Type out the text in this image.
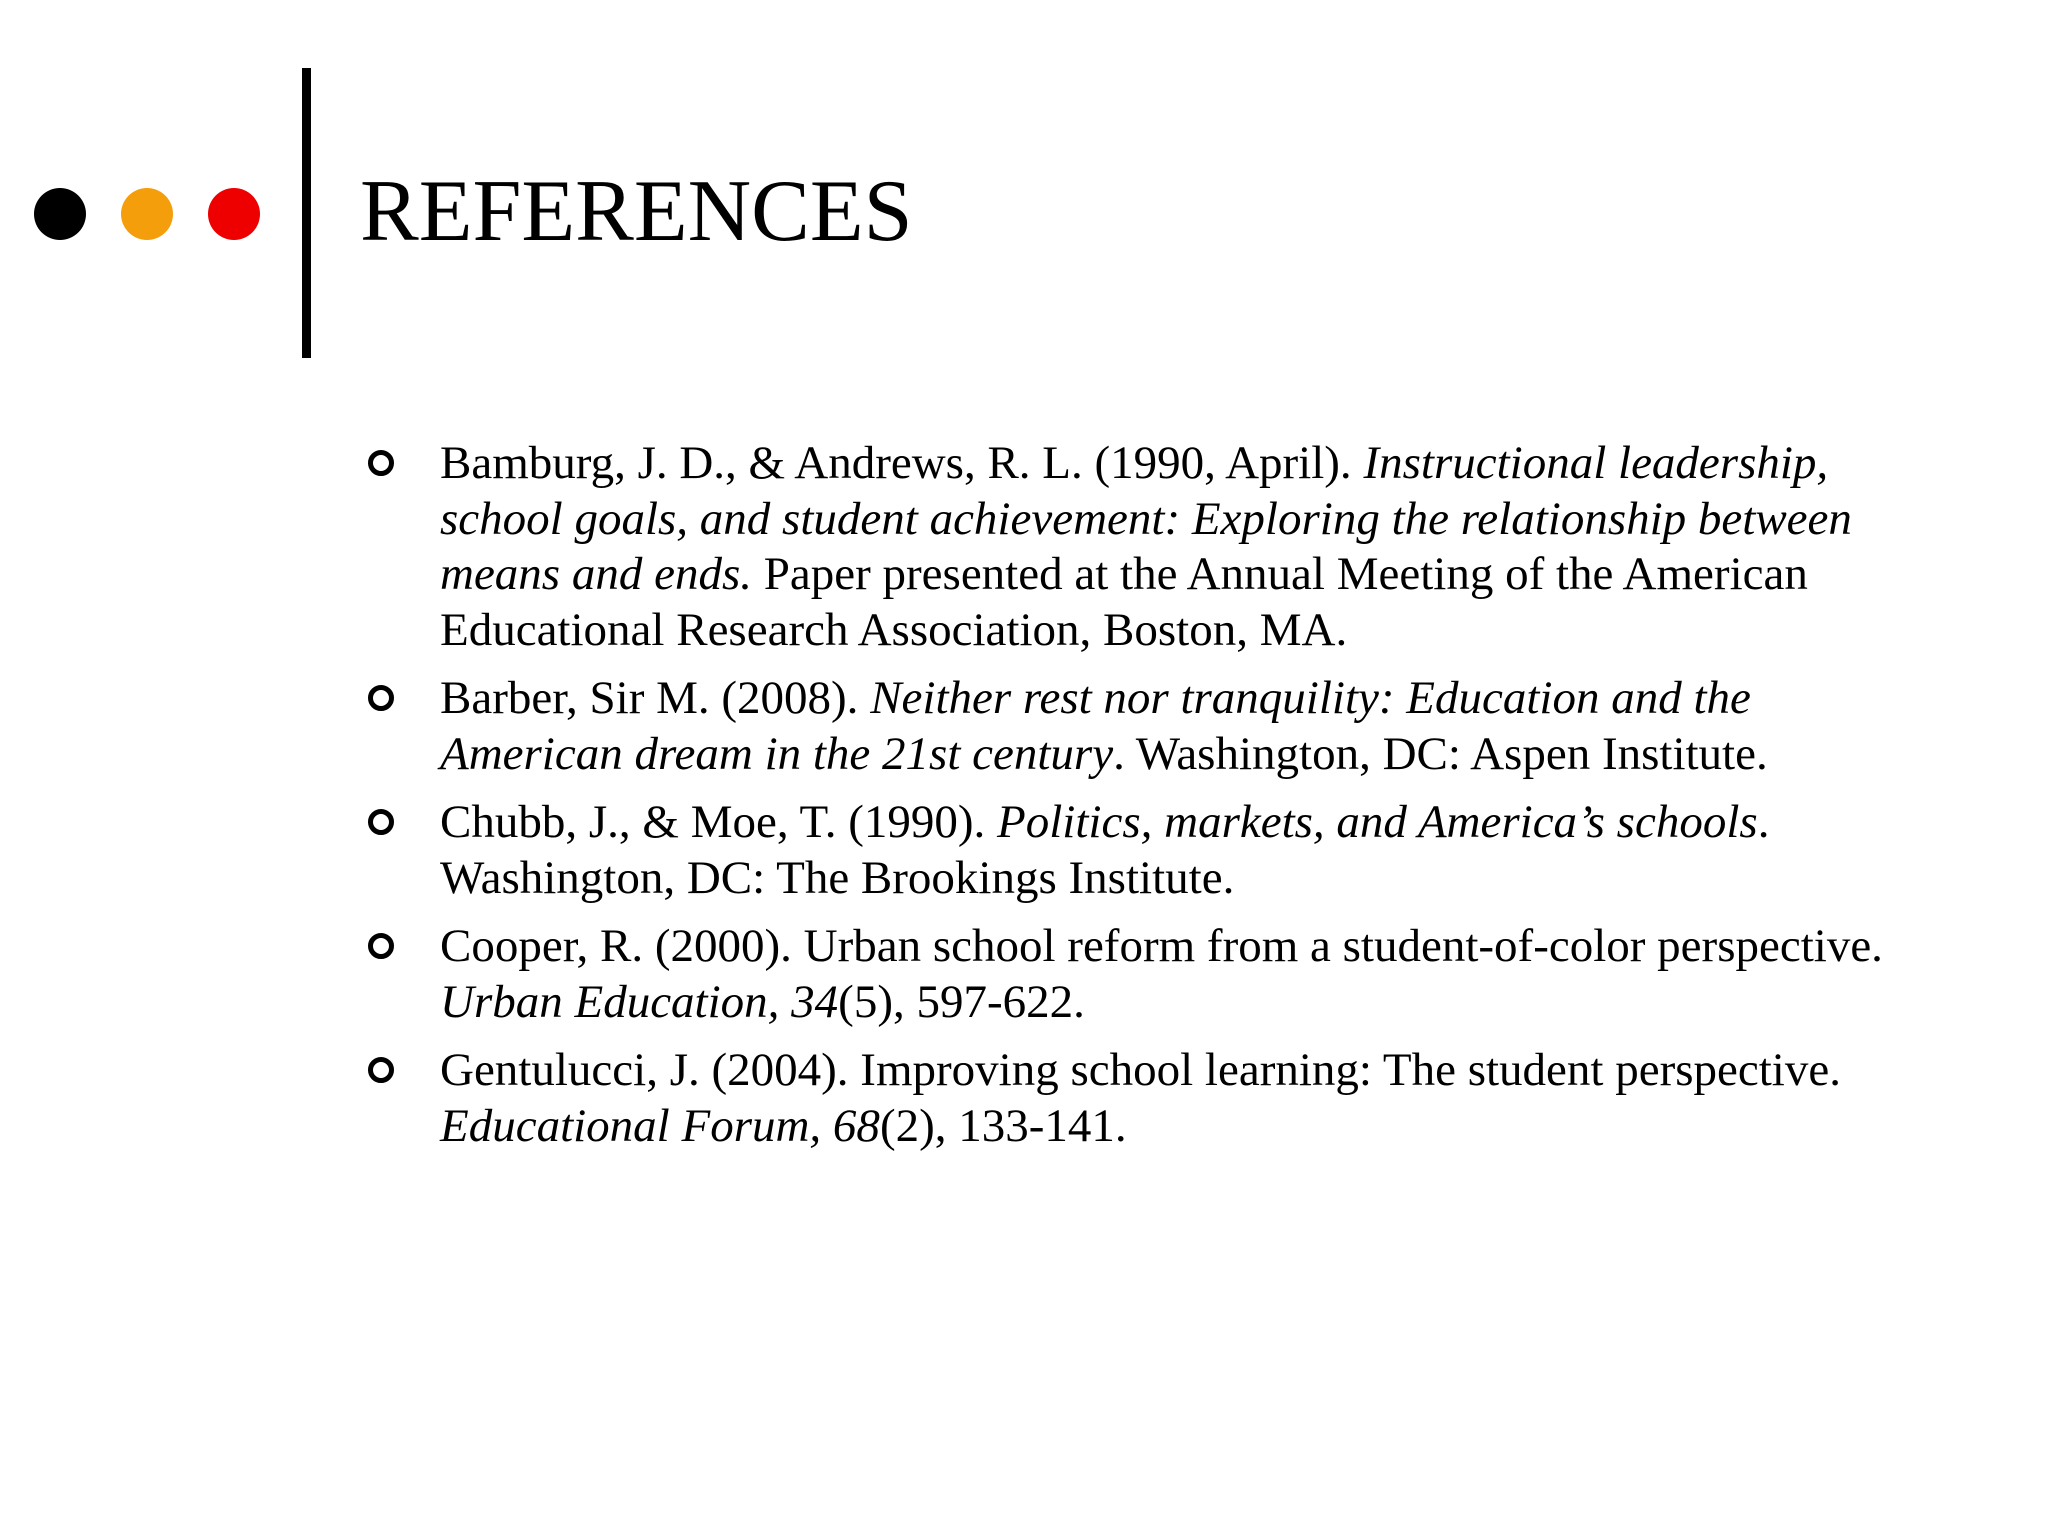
REFERENCES
Bamburg, J. D., & Andrews, R. L. (1990, April). Instructional leadership, school goals, and student achievement: Exploring the relationship between means and ends. Paper presented at the Annual Meeting of the American Educational Research Association, Boston, MA.
Barber, Sir M. (2008). Neither rest nor tranquility: Education and the American dream in the 21st century. Washington, DC: Aspen Institute.
Chubb, J., & Moe, T. (1990). Politics, markets, and America’s schools. Washington, DC: The Brookings Institute.
Cooper, R. (2000). Urban school reform from a student-of-color perspective. Urban Education, 34(5), 597-622.
Gentulucci, J. (2004). Improving school learning: The student perspective. Educational Forum, 68(2), 133-141.
